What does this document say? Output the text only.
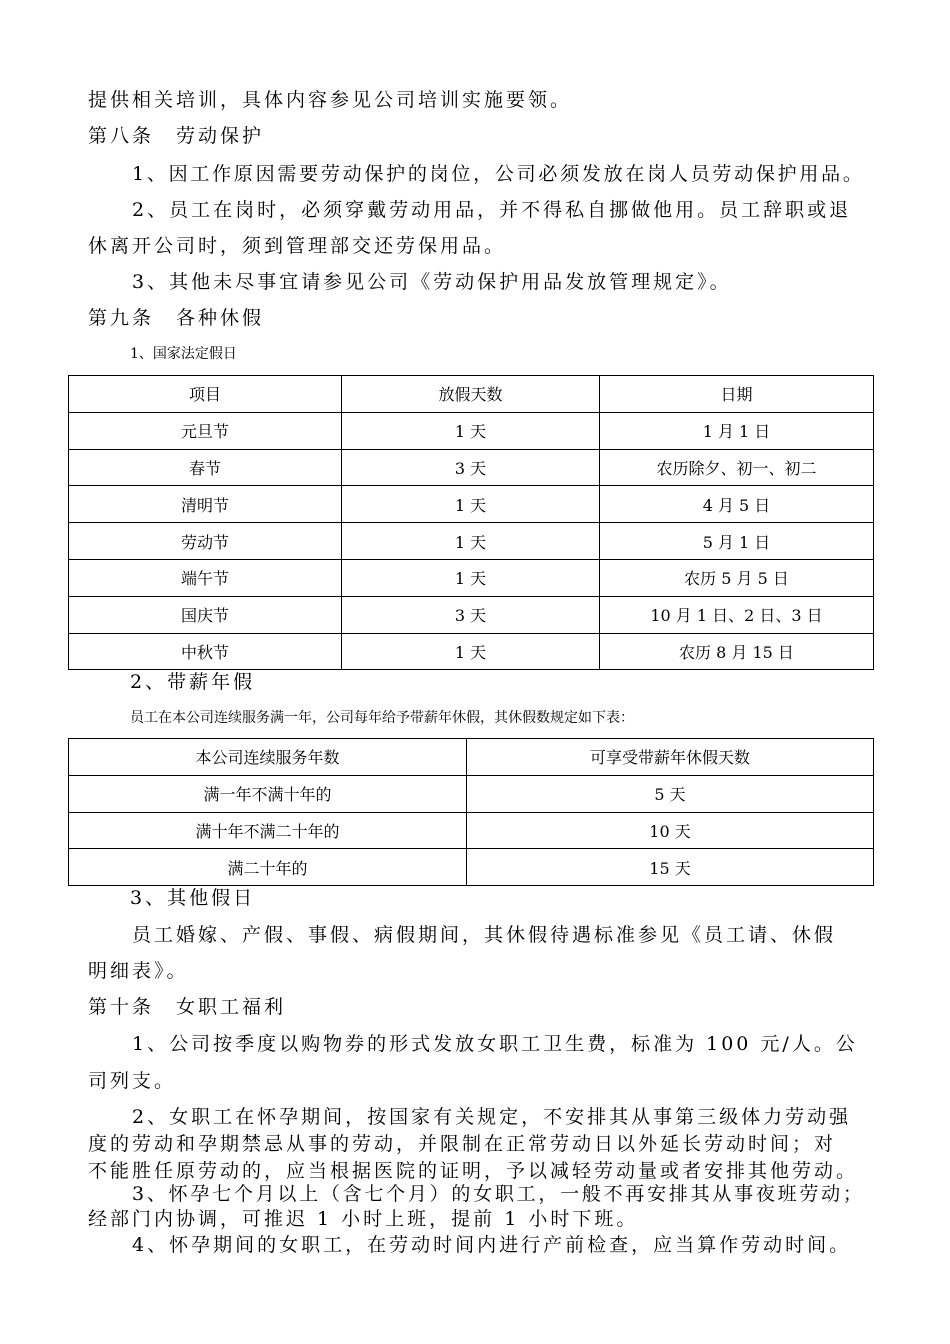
提供相关培训，具体内容参见公司培训实施要领。
第八条　劳动保护
1、因工作原因需要劳动保护的岗位，公司必须发放在岗人员劳动保护用品。
2、员工在岗时，必须穿戴劳动用品，并不得私自挪做他用。员工辞职或退
休离开公司时，须到管理部交还劳保用品。
3、其他未尽事宜请参见公司《劳动保护用品发放管理规定》。
第九条　各种休假
1、国家法定假日
项目	放假天数	日期
元旦节	1 天	1 月 1 日
春节	3 天	农历除夕、初一、初二
清明节	1 天	4 月 5 日
劳动节	1 天	5 月 1 日
端午节	1 天	农历 5 月 5 日
国庆节	3 天	10 月 1 日、2 日、3 日
中秋节	1 天	农历 8 月 15 日
2、带薪年假
员工在本公司连续服务满一年，公司每年给予带薪年休假，其休假数规定如下表：
本公司连续服务年数	可享受带薪年休假天数
满一年不满十年的	5 天
满十年不满二十年的	10 天
满二十年的	15 天
3、其他假日
员工婚嫁、产假、事假、病假期间，其休假待遇标准参见《员工请、休假
明细表》。
第十条　女职工福利
1、公司按季度以购物券的形式发放女职工卫生费，标准为 100 元/人。公
司列支。
2、女职工在怀孕期间，按国家有关规定，不安排其从事第三级体力劳动强
度的劳动和孕期禁忌从事的劳动，并限制在正常劳动日以外延长劳动时间；对
不能胜任原劳动的，应当根据医院的证明，予以减轻劳动量或者安排其他劳动。
3、怀孕七个月以上（含七个月）的女职工，一般不再安排其从事夜班劳动；
经部门内协调，可推迟 1 小时上班，提前 1 小时下班。
4、怀孕期间的女职工，在劳动时间内进行产前检查，应当算作劳动时间。
